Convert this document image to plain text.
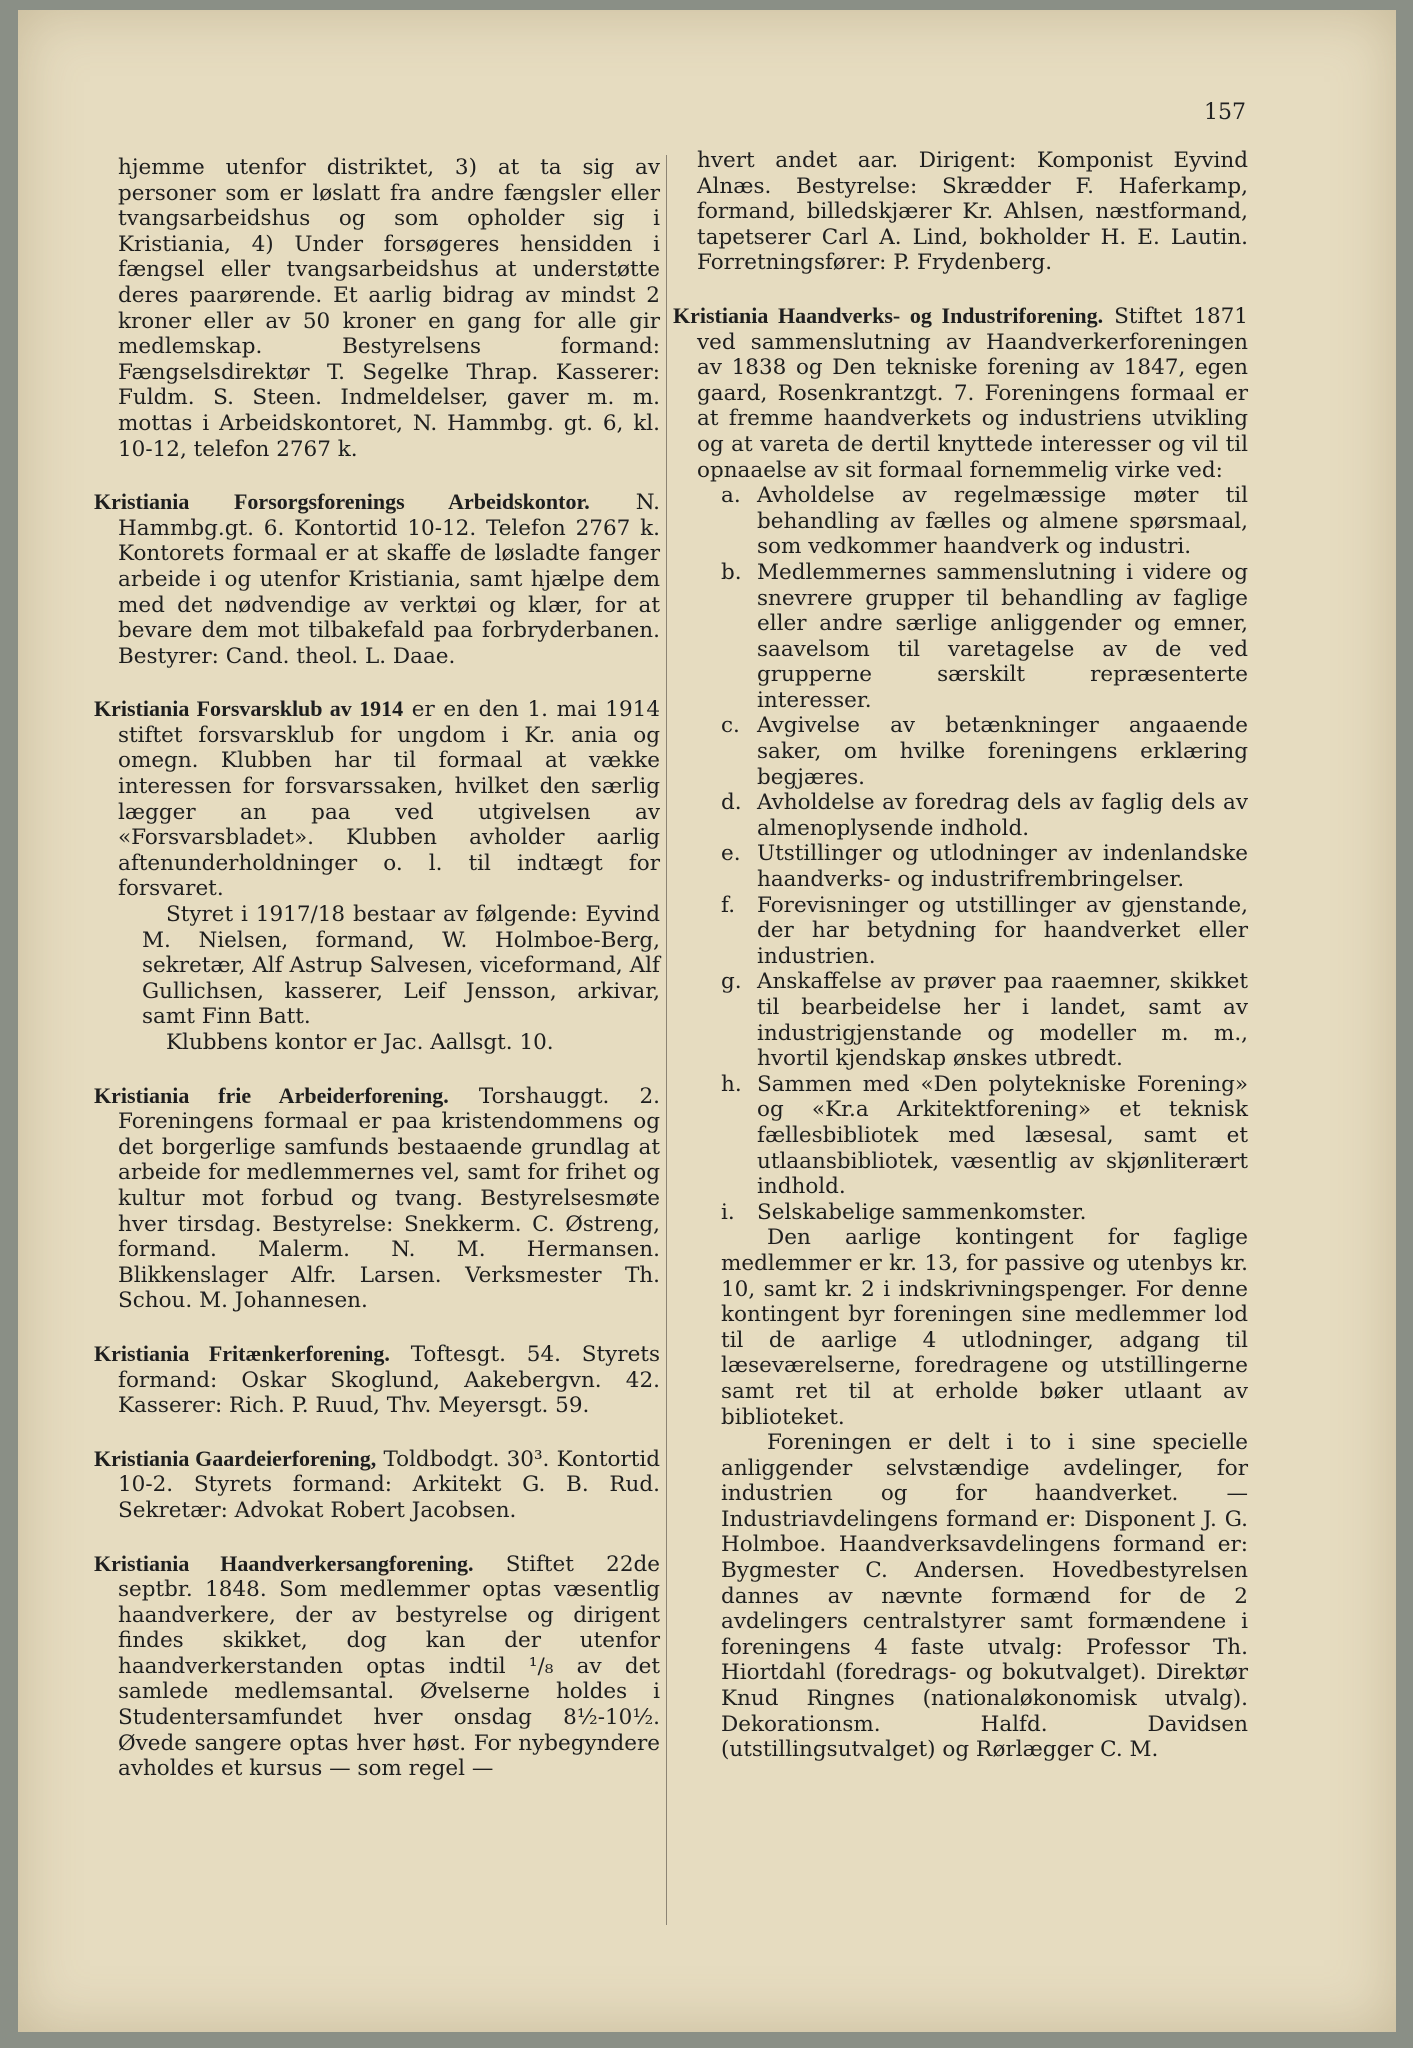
157

hjemme utenfor distriktet, 3) at ta sig av personer som er løslatt fra andre fængsler eller tvangsarbeidshus og som opholder sig i Kristiania, 4) Under forsøgeres hensidden i fængsel eller tvangsarbeidshus at understøtte deres paarørende. Et aarlig bidrag av mindst 2 kroner eller av 50 kroner en gang for alle gir medlemskap. Bestyrelsens formand: Fængselsdirektør T. Segelke Thrap. Kasserer: Fuldm. S. Steen. Indmeldelser, gaver m. m. mottas i Arbeidskontoret, N. Hammbg. gt. 6, kl. 10-12, telefon 2767 k.

Kristiania Forsorgsforenings Arbeidskontor. N. Hammbg.gt. 6. Kontortid 10-12. Telefon 2767 k. Kontorets formaal er at skaffe de løsladte fanger arbeide i og utenfor Kristiania, samt hjælpe dem med det nødvendige av verktøi og klær, for at bevare dem mot tilbakefald paa forbryderbanen. Bestyrer: Cand. theol. L. Daae.

Kristiania Forsvarsklub av 1914 er en den 1. mai 1914 stiftet forsvarsklub for ungdom i Kr. ania og omegn. Klubben har til formaal at vække interessen for forsvarssaken, hvilket den særlig lægger an paa ved utgivelsen av «Forsvarsbladet». Klubben avholder aarlig aftenunderholdninger o. l. til indtægt for forsvaret.

Styret i 1917/18 bestaar av følgende: Eyvind M. Nielsen, formand, W. Holmboe-Berg, sekretær, Alf Astrup Salvesen, viceformand, Alf Gullichsen, kasserer, Leif Jensson, arkivar, samt Finn Batt.

Klubbens kontor er Jac. Aallsgt. 10.

Kristiania frie Arbeiderforening. Torshauggt. 2. Foreningens formaal er paa kristendommens og det borgerlige samfunds bestaaende grundlag at arbeide for medlemmernes vel, samt for frihet og kultur mot forbud og tvang. Bestyrelsesmøte hver tirsdag. Bestyrelse: Snekkerm. C. Østreng, formand. Malerm. N. M. Hermansen. Blikkenslager Alfr. Larsen. Verksmester Th. Schou. M. Johannesen.

Kristiania Fritænkerforening. Toftesgt. 54. Styrets formand: Oskar Skoglund, Aakebergvn. 42. Kasserer: Rich. P. Ruud, Thv. Meyersgt. 59.

Kristiania Gaardeierforening, Toldbodgt. 30³. Kontortid 10-2. Styrets formand: Arkitekt G. B. Rud. Sekretær: Advokat Robert Jacobsen.

Kristiania Haandverkersangforening. Stiftet 22de septbr. 1848. Som medlemmer optas væsentlig haandverkere, der av bestyrelse og dirigent findes skikket, dog kan der utenfor haandverkerstanden optas indtil ¹/₈ av det samlede medlemsantal. Øvelserne holdes i Studentersamfundet hver onsdag 8½-10½. Øvede sangere optas hver høst. For nybegyndere avholdes et kursus — som regel —

hvert andet aar. Dirigent: Komponist Eyvind Alnæs. Bestyrelse: Skrædder F. Haferkamp, formand, billedskjærer Kr. Ahlsen, næstformand, tapetserer Carl A. Lind, bokholder H. E. Lautin. Forretningsfører: P. Frydenberg.

Kristiania Haandverks- og Industriforening. Stiftet 1871 ved sammenslutning av Haandverkerforeningen av 1838 og Den tekniske forening av 1847, egen gaard, Rosenkrantzgt. 7. Foreningens formaal er at fremme haandverkets og industriens utvikling og at vareta de dertil knyttede interesser og vil til opnaaelse av sit formaal fornemmelig virke ved:

a. Avholdelse av regelmæssige møter til behandling av fælles og almene spørsmaal, som vedkommer haandverk og industri.
b. Medlemmernes sammenslutning i videre og snevrere grupper til behandling av faglige eller andre særlige anliggender og emner, saavelsom til varetagelse av de ved grupperne særskilt repræsenterte interesser.
c. Avgivelse av betænkninger angaaende saker, om hvilke foreningens erklæring begjæres.
d. Avholdelse av foredrag dels av faglig dels av almenoplysende indhold.
e. Utstillinger og utlodninger av indenlandske haandverks- og industrifrembringelser.
f. Forevisninger og utstillinger av gjenstande, der har betydning for haandverket eller industrien.
g. Anskaffelse av prøver paa raaemner, skikket til bearbeidelse her i landet, samt av industrigjenstande og modeller m. m., hvortil kjendskap ønskes utbredt.
h. Sammen med «Den polytekniske Forening» og «Kr.a Arkitektforening» et teknisk fællesbibliotek med læsesal, samt et utlaansbibliotek, væsentlig av skjønliterært indhold.
i. Selskabelige sammenkomster.

Den aarlige kontingent for faglige medlemmer er kr. 13, for passive og utenbys kr. 10, samt kr. 2 i indskrivningspenger. For denne kontingent byr foreningen sine medlemmer lod til de aarlige 4 utlodninger, adgang til læseværelserne, foredragene og utstillingerne samt ret til at erholde bøker utlaant av biblioteket.

Foreningen er delt i to i sine specielle anliggender selvstændige avdelinger, for industrien og for haandverket. — Industriavdelingens formand er: Disponent J. G. Holmboe. Haandverksavdelingens formand er: Bygmester C. Andersen. Hovedbestyrelsen dannes av nævnte formænd for de 2 avdelingers centralstyrer samt formændene i foreningens 4 faste utvalg: Professor Th. Hiortdahl (foredrags- og bokutvalget). Direktør Knud Ringnes (nationaløkonomisk utvalg). Dekorationsm. Halfd. Davidsen (utstillingsutvalget) og Rørlægger C. M.
